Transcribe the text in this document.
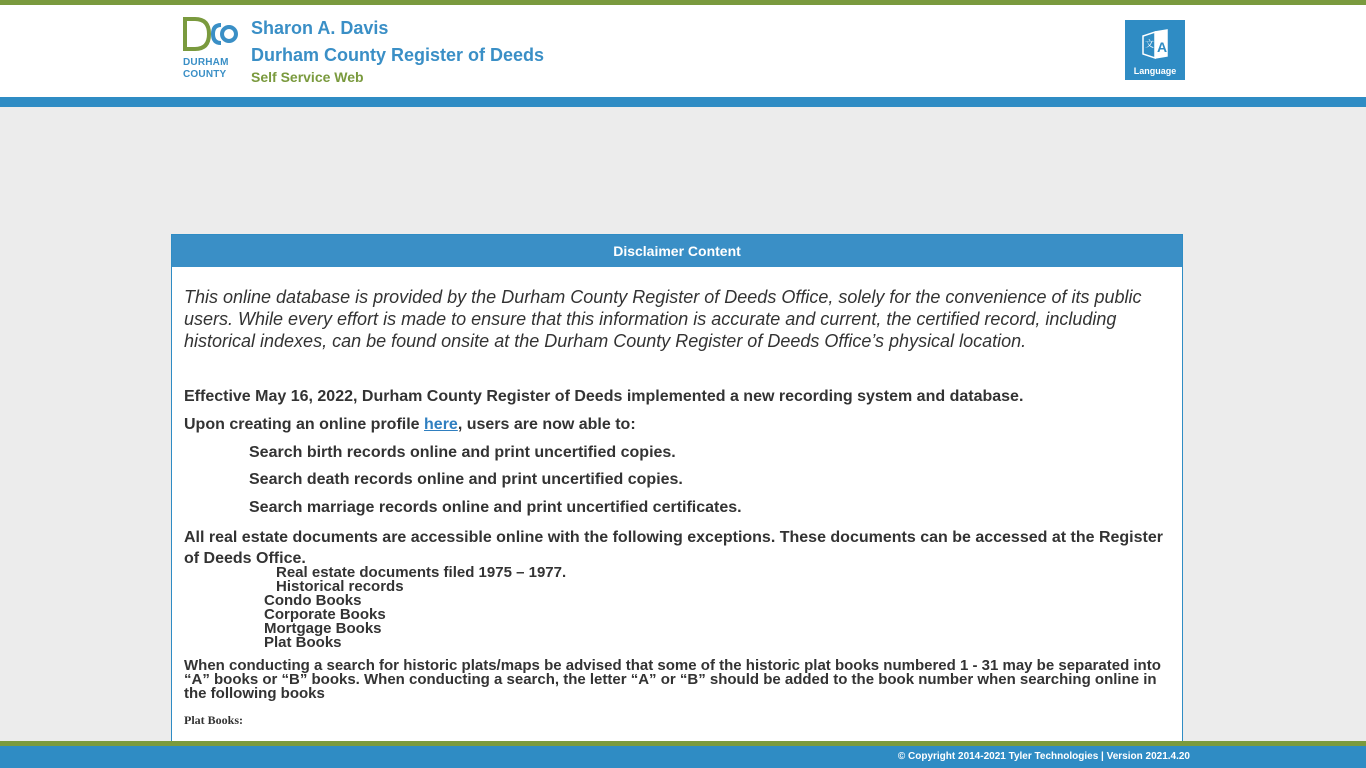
DURHAM COUNTY
Sharon A. Davis
Durham County Register of Deeds
Self Service Web
A
文
Language
Disclaimer Content
This online database is provided by the Durham County Register of Deeds Office, solely for the convenience of its public users. While every effort is made to ensure that this information is accurate and current, the certified record, including historical indexes, can be found onsite at the Durham County Register of Deeds Office’s physical location.
Effective May 16, 2022, Durham County Register of Deeds implemented a new recording system and database.
Upon creating an online profile here, users are now able to:
Search birth records online and print uncertified copies.
Search death records online and print uncertified copies.
Search marriage records online and print uncertified certificates.
All real estate documents are accessible online with the following exceptions. These documents can be accessed at the Register of Deeds Office.
Real estate documents filed 1975 – 1977.
Historical records
Condo Books
Corporate Books
Mortgage Books
Plat Books
When conducting a search for historic plats/maps be advised that some of the historic plat books numbered 1 - 31 may be separated into “A” books or “B” books. When conducting a search, the letter “A” or “B” should be added to the book number when searching online in the following books
Plat Books:
© Copyright 2014-2021 Tyler Technologies | Version 2021.4.20
